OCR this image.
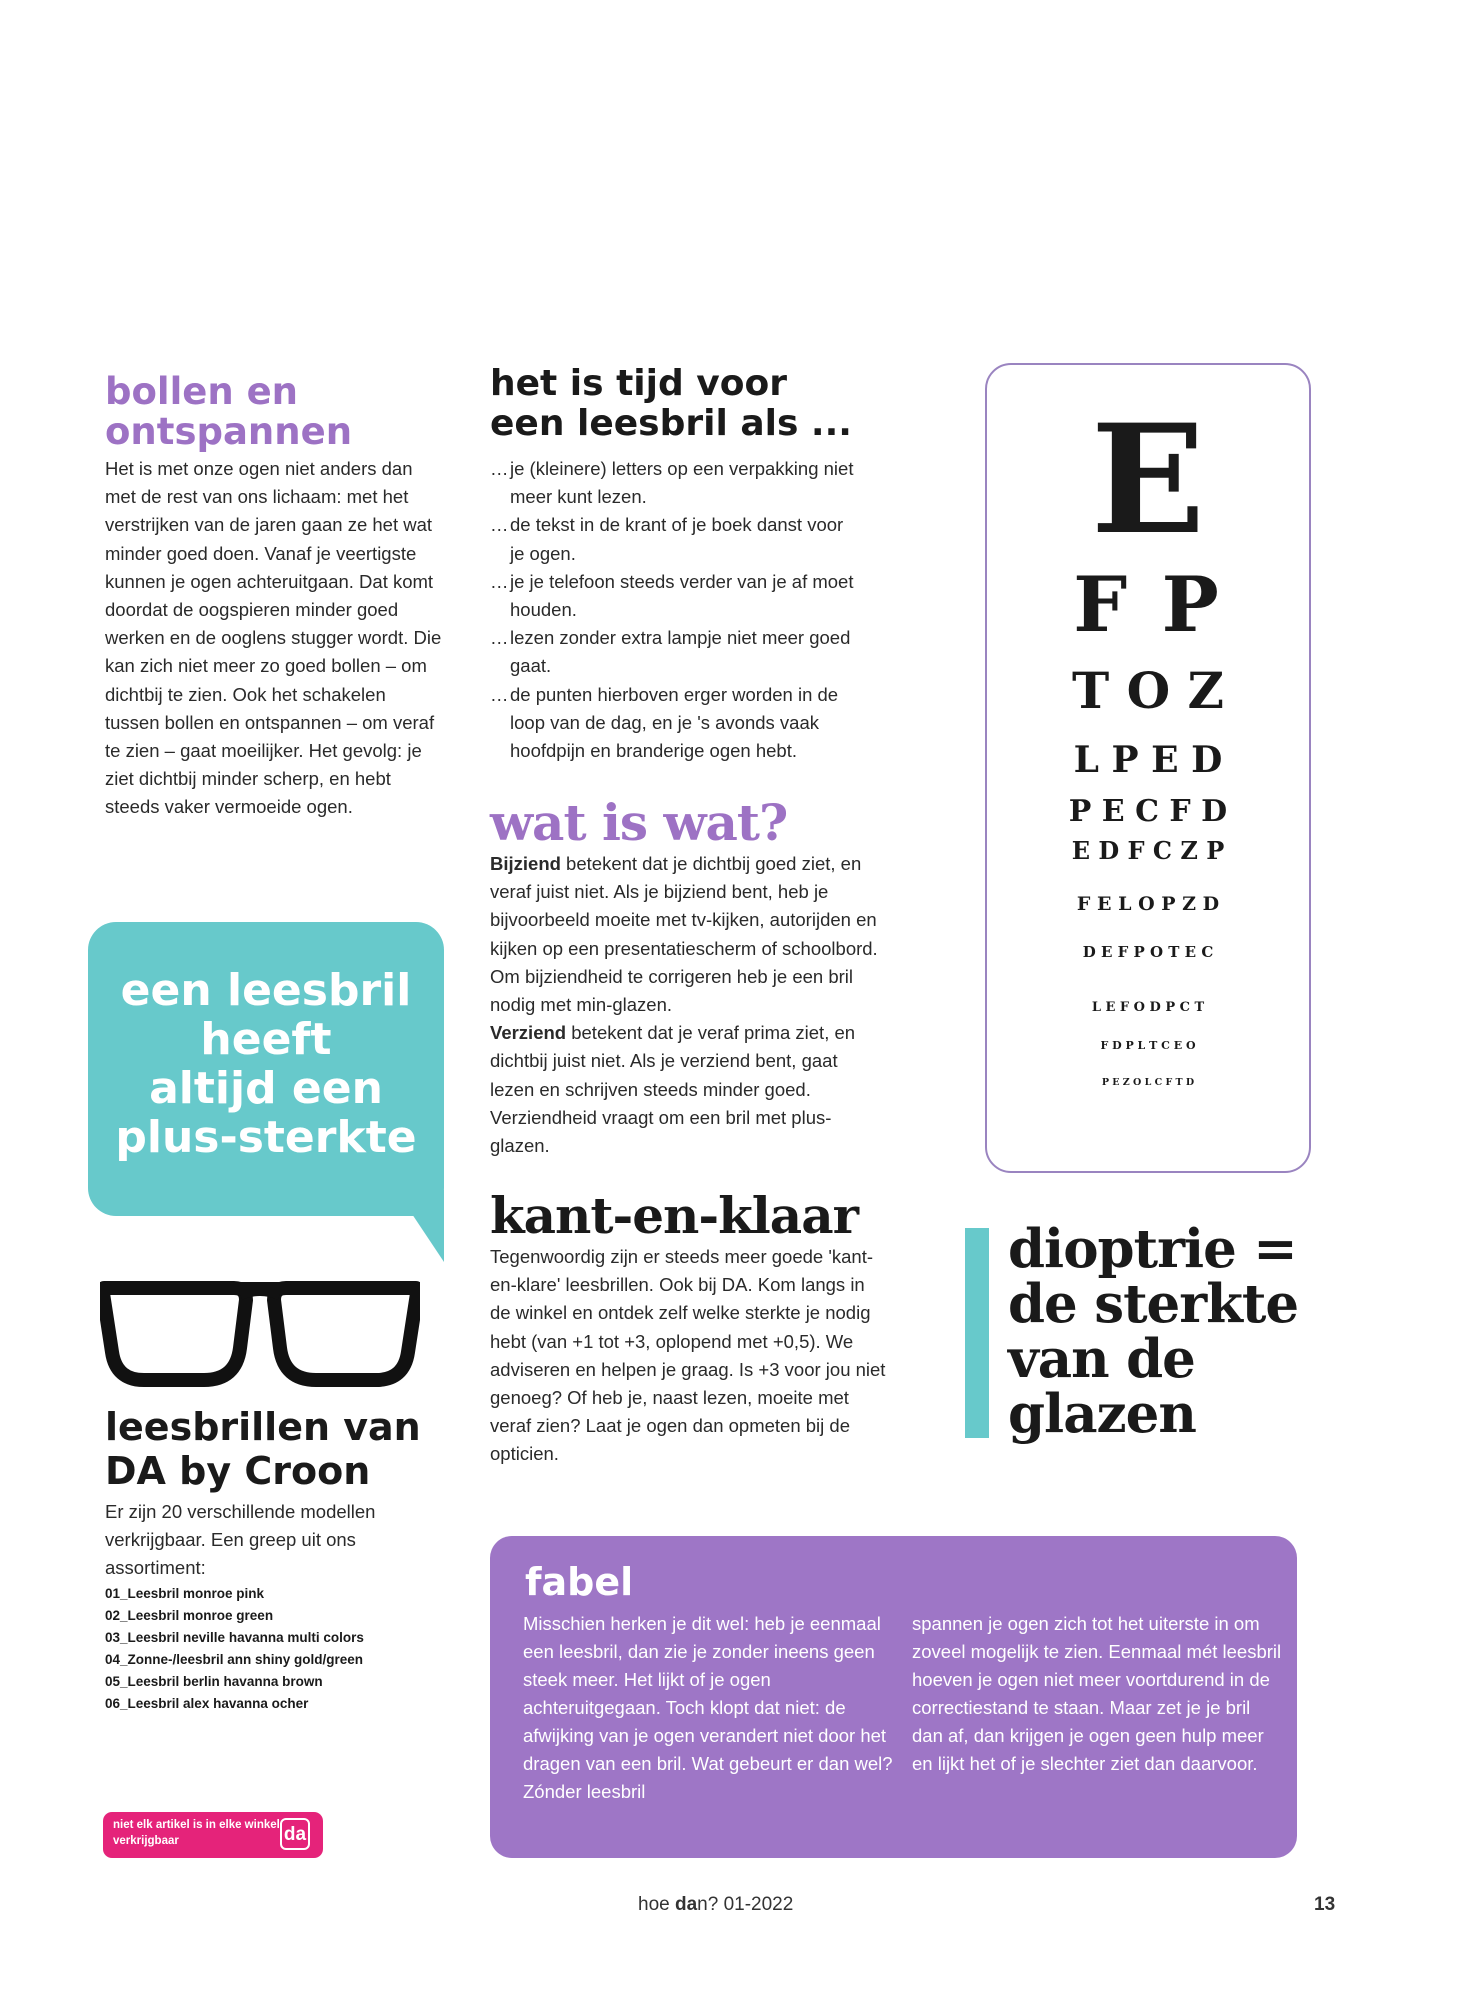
bollen en
ontspannen

Het is met onze ogen niet anders dan met de rest van ons lichaam: met het verstrijken van de jaren gaan ze het wat minder goed doen. Vanaf je veertigste kunnen je ogen achteruitgaan. Dat komt doordat de oogspieren minder goed werken en de ooglens stugger wordt. Die kan zich niet meer zo goed bollen – om dichtbij te zien. Ook het schakelen tussen bollen en ontspannen – om veraf te zien – gaat moeilijker. Het gevolg: je ziet dichtbij minder scherp, en hebt steeds vaker vermoeide ogen.

een leesbril
heeft
altijd een
plus-sterkte
leesbrillen van
DA by Croon

Er zijn 20 verschillende modellen verkrijgbaar. Een greep uit ons assortiment:

01_Leesbril monroe pink
02_Leesbril monroe green
03_Leesbril neville havanna multi colors
04_Zonne-/leesbril ann shiny gold/green
05_Leesbril berlin havanna brown
06_Leesbril alex havanna ocher
niet elk artikel is in elke winkel verkrijgbaar	da
het is tijd voor
een leesbril als ...
… je (kleinere) letters op een verpakking niet meer kunt lezen.
… de tekst in de krant of je boek danst voor je ogen.
… je je telefoon steeds verder van je af moet houden.
… lezen zonder extra lampje niet meer goed gaat.
… de punten hierboven erger worden in de loop van de dag, en je 's avonds vaak hoofdpijn en branderige ogen hebt.
wat is wat?

Bijziend betekent dat je dichtbij goed ziet, en veraf juist niet. Als je bijziend bent, heb je bijvoorbeeld moeite met tv-kijken, autorijden en kijken op een presentatiescherm of schoolbord. Om bijziendheid te corrigeren heb je een bril nodig met min-glazen.
Verziend betekent dat je veraf prima ziet, en dichtbij juist niet. Als je verziend bent, gaat lezen en schrijven steeds minder goed. Verziendheid vraagt om een bril met plus-glazen.

kant-en-klaar

Tegenwoordig zijn er steeds meer goede 'kant-en-klare' leesbrillen. Ook bij DA. Kom langs in de winkel en ontdek zelf welke sterkte je nodig hebt (van +1 tot +3, oplopend met +0,5). We adviseren en helpen je graag. Is +3 voor jou niet genoeg? Of heb je, naast lezen, moeite met veraf zien? Laat je ogen dan opmeten bij de opticien.

E
F P
T O Z
L P E D
P E C F D
E D F C Z P
F E L O P Z D
D E F P O T E C
L E F O D P C T
F D P L T C E O
P E Z O L C F T D
dioptrie =
de sterkte
van de
glazen
fabel

Misschien herken je dit wel: heb je eenmaal een leesbril, dan zie je zonder ineens geen steek meer. Het lijkt of je ogen achteruitgegaan. Toch klopt dat niet: de afwijking van je ogen verandert niet door het dragen van een bril. Wat gebeurt er dan wel? Zónder leesbril

spannen je ogen zich tot het uiterste in om zoveel mogelijk te zien. Eenmaal mét leesbril hoeven je ogen niet meer voortdurend in de correctiestand te staan. Maar zet je je bril dan af, dan krijgen je ogen geen hulp meer en lijkt het of je slechter ziet dan daarvoor.

hoe dan? 01-2022	13
